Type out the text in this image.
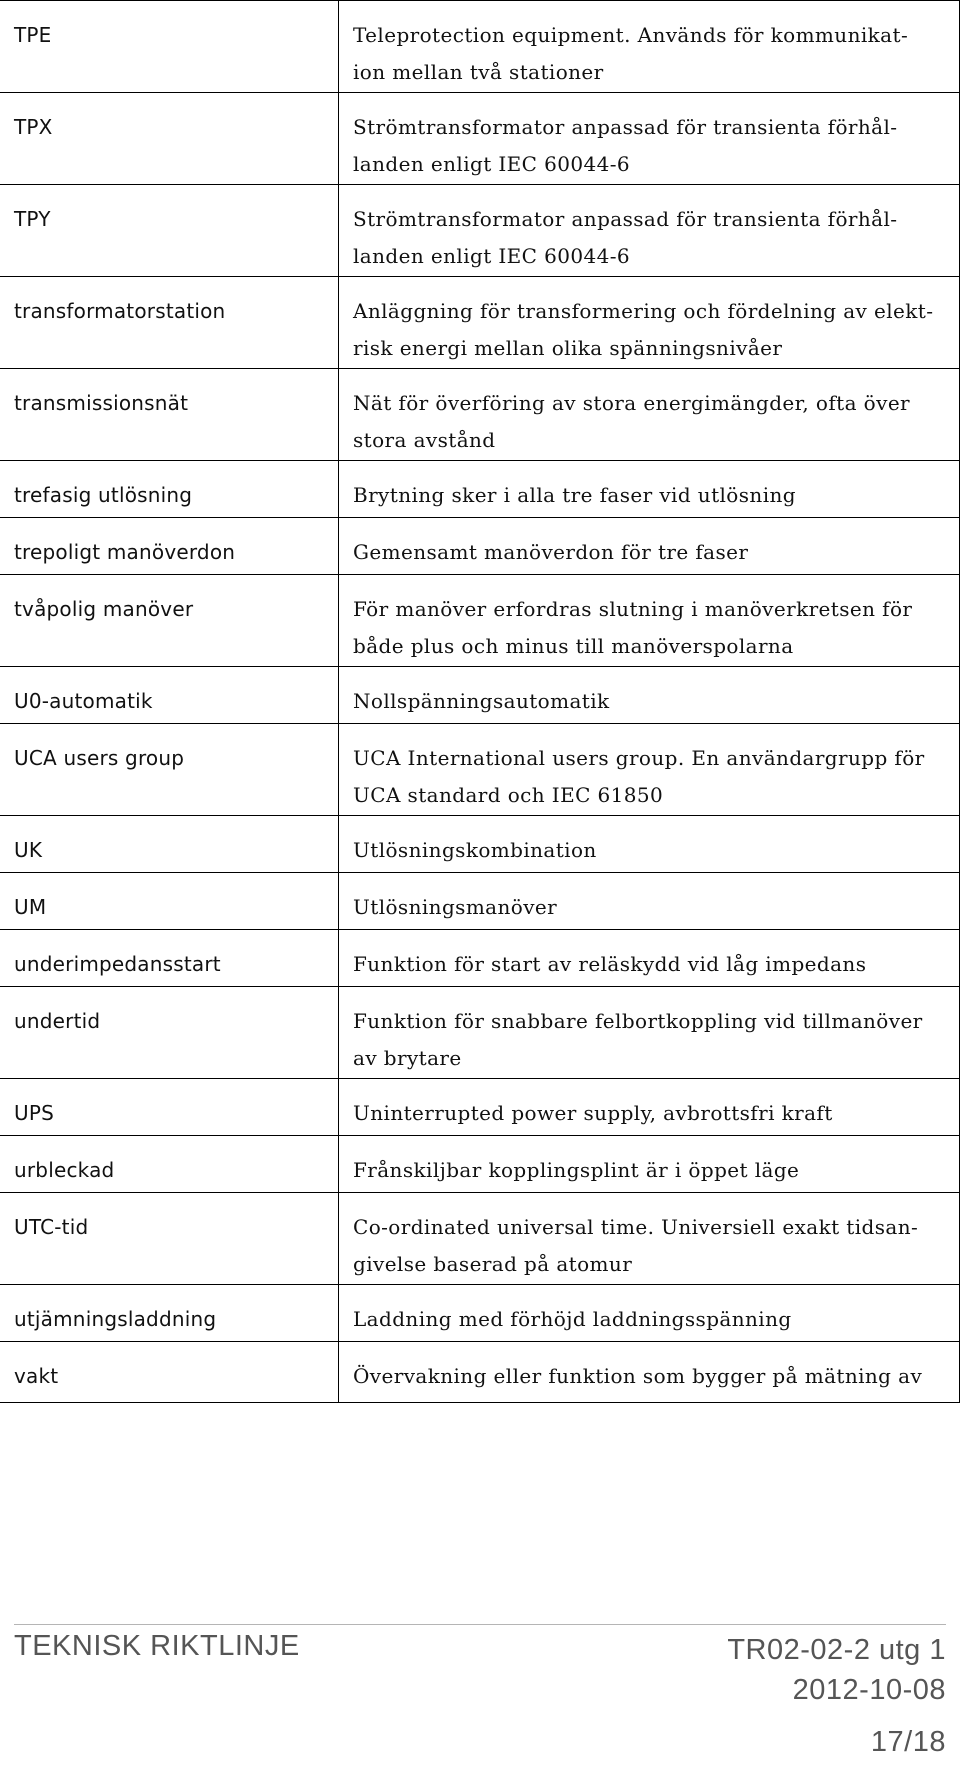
TPE	Teleprotection equipment. Används för kommunikat-
ion mellan två stationer
TPX	Strömtransformator anpassad för transienta förhål-
landen enligt IEC 60044-6
TPY	Strömtransformator anpassad för transienta förhål-
landen enligt IEC 60044-6
transformatorstation	Anläggning för transformering och fördelning av elekt-
risk energi mellan olika spänningsnivåer
transmissionsnät	Nät för överföring av stora energimängder, ofta över
stora avstånd
trefasig utlösning	Brytning sker i alla tre faser vid utlösning
trepoligt manöverdon	Gemensamt manöverdon för tre faser
tvåpolig manöver	För manöver erfordras slutning i manöverkretsen för
både plus och minus till manöverspolarna
U0-automatik	Nollspänningsautomatik
UCA users group	UCA International users group. En användargrupp för
UCA standard och IEC 61850
UK	Utlösningskombination
UM	Utlösningsmanöver
underimpedansstart	Funktion för start av reläskydd vid låg impedans
undertid	Funktion för snabbare felbortkoppling vid tillmanöver
av brytare
UPS	Uninterrupted power supply, avbrottsfri kraft
urbleckad	Frånskiljbar kopplingsplint är i öppet läge
UTC-tid	Co-ordinated universal time. Universiell exakt tidsan-
givelse baserad på atomur
utjämningsladdning	Laddning med förhöjd laddningsspänning
vakt	Övervakning eller funktion som bygger på mätning av
TEKNISK RIKTLINJE	TR02-02-2 utg 1
2012-10-08
17/18
